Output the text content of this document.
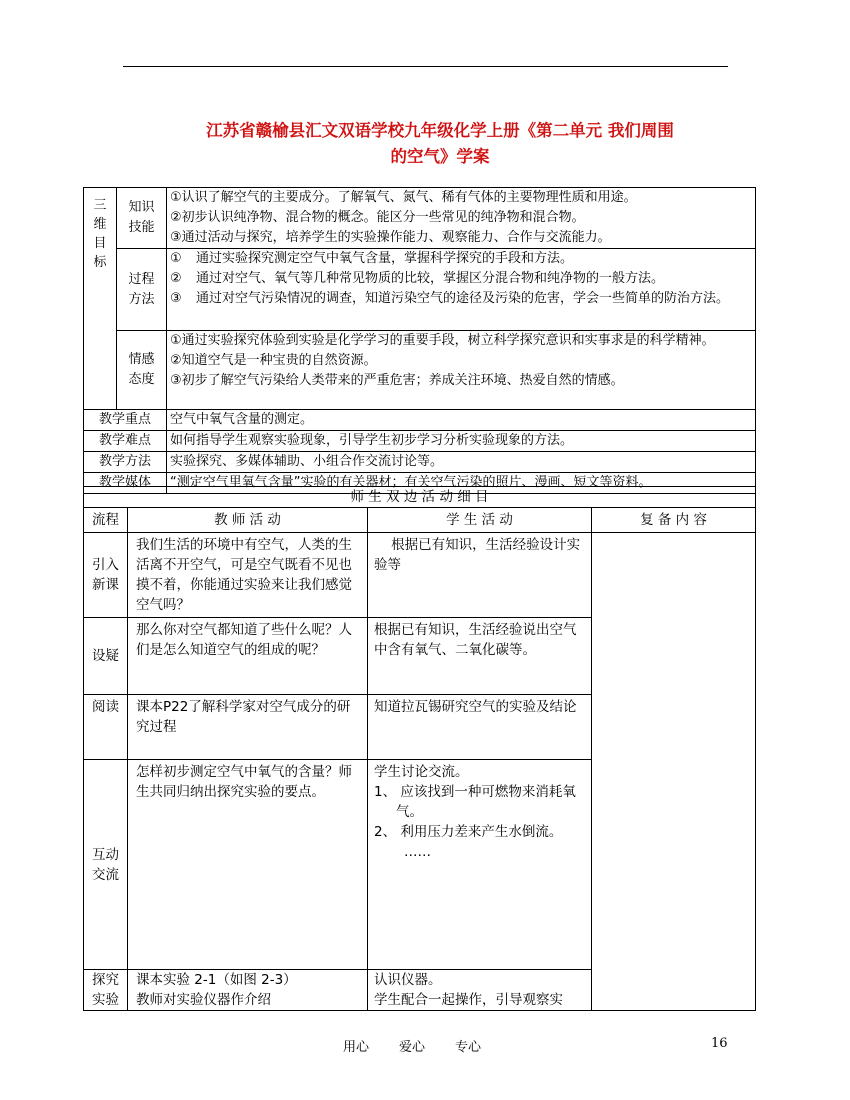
江苏省赣榆县汇文双语学校九年级化学上册《第二单元 我们周围
的空气》学案
三维目标	知识技能	①认识了解空气的主要成分。了解氧气、氮气、稀有气体的主要物理性质和用途。
②初步认识纯净物、混合物的概念。能区分一些常见的纯净物和混合物。
③通过活动与探究，培养学生的实验操作能力、观察能力、合作与交流能力。

	过程方法	① 通过实验探究测定空气中氧气含量，掌握科学探究的手段和方法。
② 通过对空气、氧气等几种常见物质的比较，掌握区分混合物和纯净物的一般方法。
③ 通过对空气污染情况的调查，知道污染空气的途径及污染的危害，学会一些简单的防治方法。

	情感态度	①通过实验探究体验到实验是化学学习的重要手段，树立科学探究意识和实事求是的科学精神。
②知道空气是一种宝贵的自然资源。
③初步了解空气污染给人类带来的严重危害；养成关注环境、热爱自然的情感。

教学重点		空气中氧气含量的测定。
教学难点		如何指导学生观察实验现象，引导学生初步学习分析实验现象的方法。
教学方法		实验探究、多媒体辅助、小组合作交流讨论等。
教学媒体		“测定空气里氧气含量”实验的有关器材；有关空气污染的照片、漫画、短文等资料。
师 生 双 边 活 动 细 目			
流程	教 师 活 动	学 生 活 动	复 备 内 容
引入新课	我们生活的环境中有空气，人类的生活离不开空气，可是空气既看不见也摸不着，你能通过实验来让我们感觉空气吗？	根据已有知识，生活经验设计实验等	
设疑	那么你对空气都知道了些什么呢？人们是怎么知道空气的组成的呢？	根据已有知识，生活经验说出空气中含有氧气、二氧化碳等。	
阅读	课本P22了解科学家对空气成分的研究过程	知道拉瓦锡研究空气的实验及结论	
互动交流	怎样初步测定空气中氧气的含量？师生共同归纳出探究实验的要点。	学生讨论交流。
1、 应该找到一种可燃物来消耗氧气。
2、 利用压力差来产生水倒流。
……	

探究实验	课本实验 2-1（如图 2-3）
教师对实验仪器作介绍	认识仪器。
学生配合一起操作，引导观察实	
用心 爱心 专心	16
